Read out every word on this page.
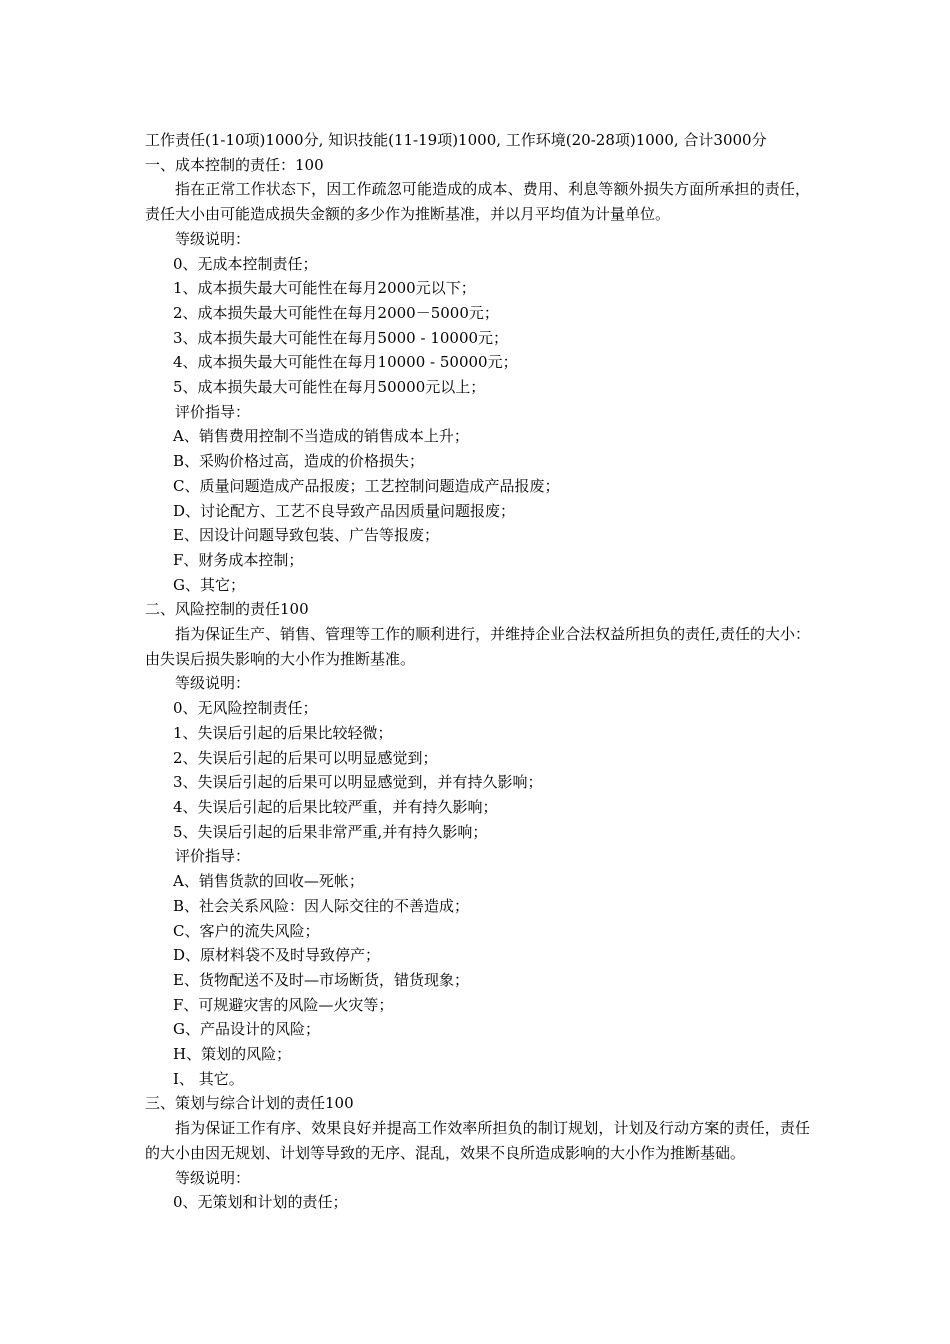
工作责任(1-10项)1000分, 知识技能(11-19项)1000, 工作环境(20-28项)1000, 合计3000分

一、成本控制的责任：100

指在正常工作状态下，因工作疏忽可能造成的成本、费用、利息等额外损失方面所承担的责任，责任大小由可能造成损失金额的多少作为推断基准，并以月平均值为计量单位。

等级说明：

0、无成本控制责任；

1、成本损失最大可能性在每月2000元以下；

2、成本损失最大可能性在每月2000－5000元；

3、成本损失最大可能性在每月5000 - 10000元；

4、成本损失最大可能性在每月10000 - 50000元；

5、成本损失最大可能性在每月50000元以上；

评价指导：

A、销售费用控制不当造成的销售成本上升；

B、采购价格过高，造成的价格损失；

C、质量问题造成产品报废；工艺控制问题造成产品报废；

D、讨论配方、工艺不良导致产品因质量问题报废；

E、因设计问题导致包装、广告等报废；

F、财务成本控制；

G、其它；

二、风险控制的责任100

指为保证生产、销售、管理等工作的顺利进行，并维持企业合法权益所担负的责任,责任的大小：由失误后损失影响的大小作为推断基准。

等级说明：

0、无风险控制责任；

1、失误后引起的后果比较轻微；

2、失误后引起的后果可以明显感觉到；

3、失误后引起的后果可以明显感觉到，并有持久影响；

4、失误后引起的后果比较严重，并有持久影响；

5、失误后引起的后果非常严重,并有持久影响；

评价指导：

A、销售货款的回收—死帐；

B、社会关系风险：因人际交往的不善造成；

C、客户的流失风险；

D、原材料袋不及时导致停产；

E、货物配送不及时—市场断货，错货现象；

F、可规避灾害的风险—火灾等；

G、产品设计的风险；

H、策划的风险；

I、 其它。

三、策划与综合计划的责任100

指为保证工作有序、效果良好并提高工作效率所担负的制订规划，计划及行动方案的责任，责任的大小由因无规划、计划等导致的无序、混乱，效果不良所造成影响的大小作为推断基础。

等级说明：

0、无策划和计划的责任；
